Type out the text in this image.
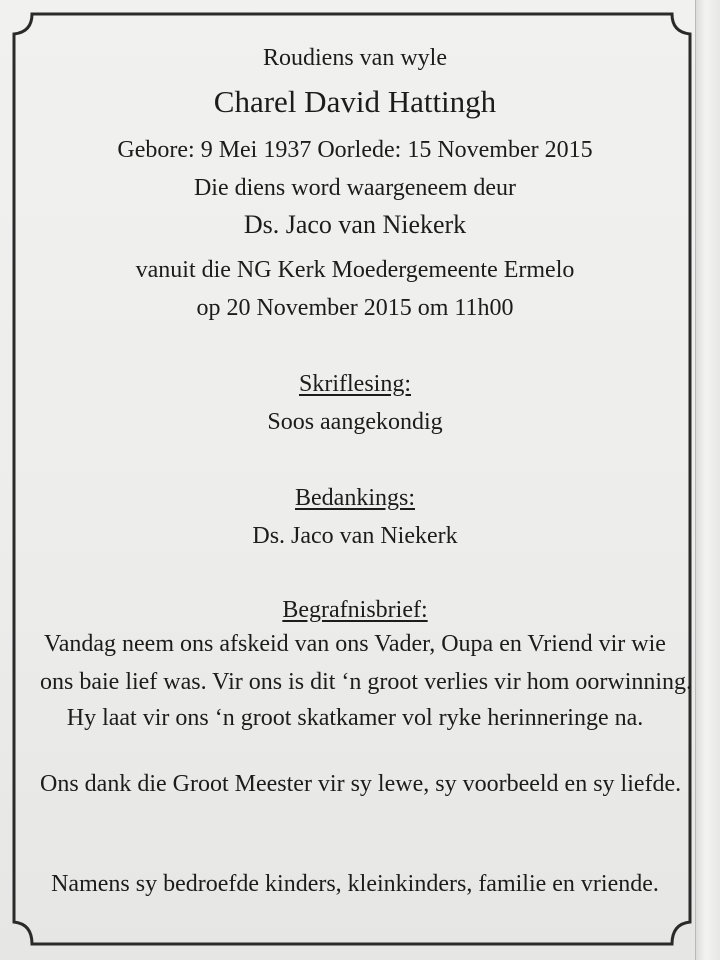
Roudiens van wyle
Charel David Hattingh
Gebore: 9 Mei 1937 Oorlede: 15 November 2015
Die diens word waargeneem deur
Ds. Jaco van Niekerk
vanuit die NG Kerk Moedergemeente Ermelo
op 20 November 2015 om 11h00
Skriflesing:
Soos aangekondig
Bedankings:
Ds. Jaco van Niekerk
Begrafnisbrief:
Vandag neem ons afskeid van ons Vader, Oupa en Vriend vir wie
ons baie lief was. Vir ons is dit ‘n groot verlies vir hom oorwinning.
Hy laat vir ons ‘n groot skatkamer vol ryke herinneringe na.
Ons dank die Groot Meester vir sy lewe, sy voorbeeld en sy liefde.
Namens sy bedroefde kinders, kleinkinders, familie en vriende.
